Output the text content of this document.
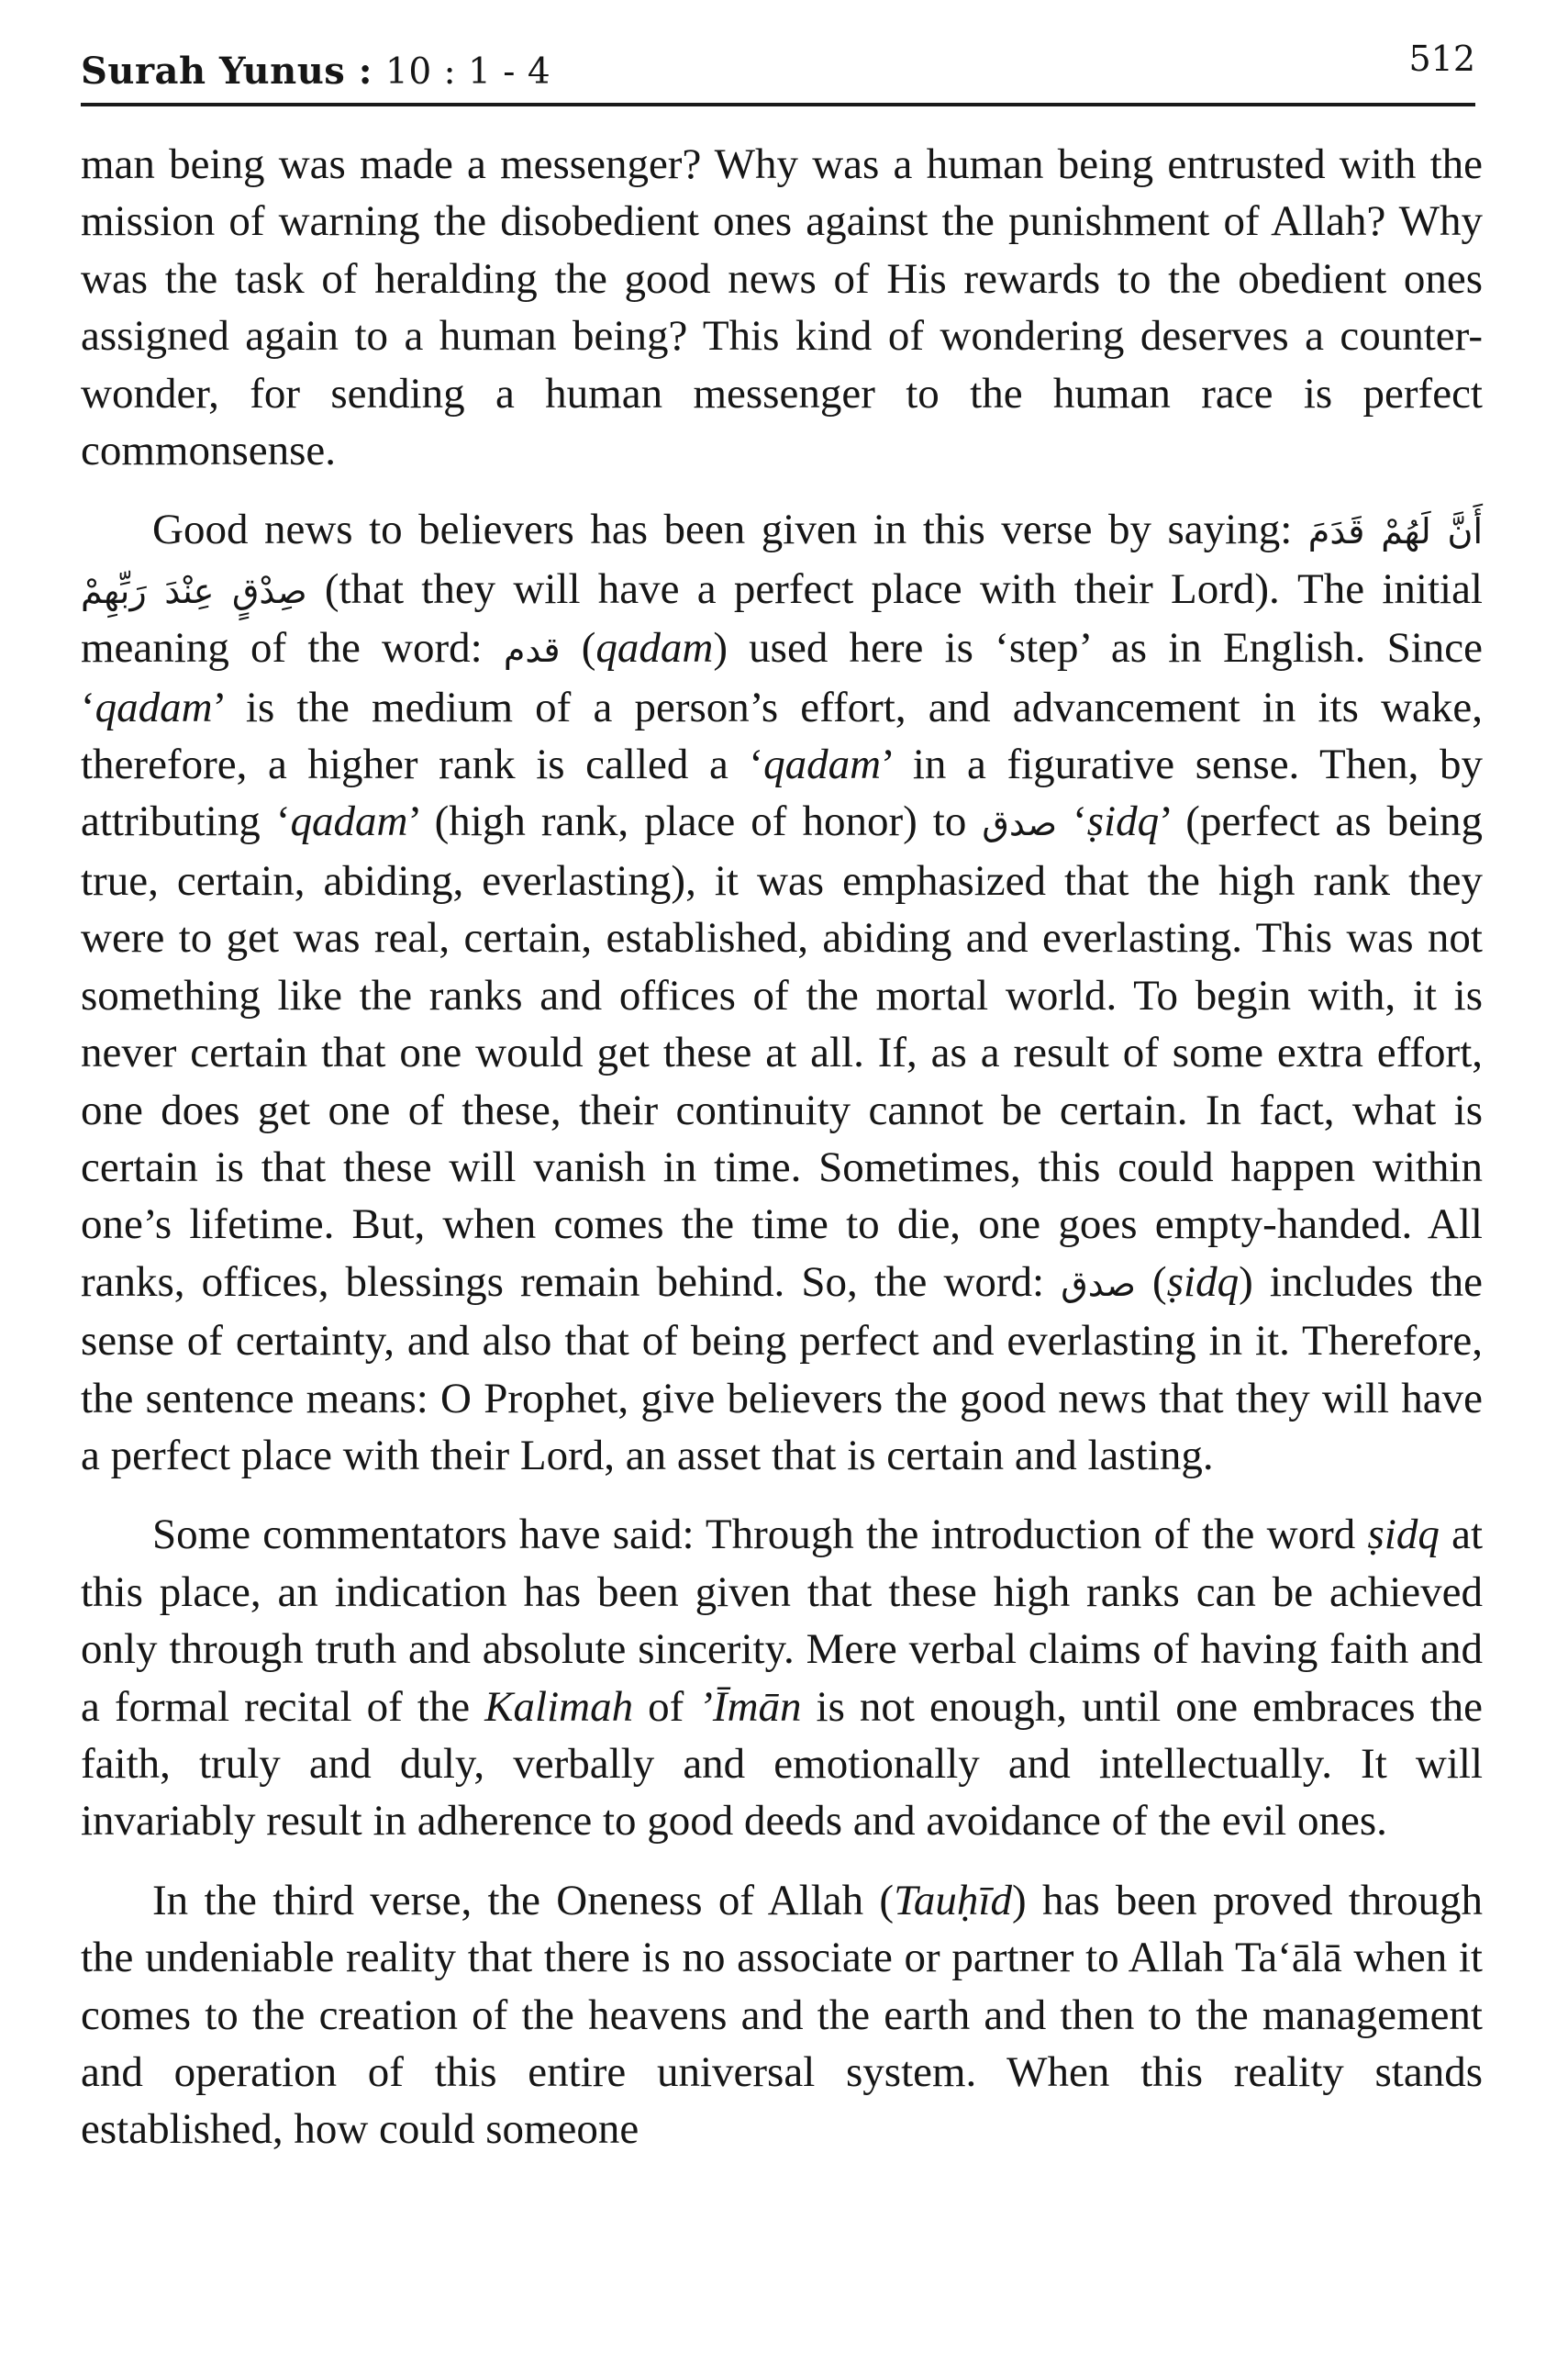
Surah Yunus : 10 : 1 - 4	512

man being was made a messenger? Why was a human being entrusted with the mission of warning the disobedient ones against the punishment of Allah? Why was the task of heralding the good news of His rewards to the obedient ones assigned again to a human being? This kind of wondering deserves a counter-wonder, for sending a human messenger to the human race is perfect commonsense.

Good news to believers has been given in this verse by saying: أَنَّ لَهُمْ قَدَمَ صِدْقٍ عِنْدَ رَبِّهِمْ (that they will have a perfect place with their Lord). The initial meaning of the word: قدم (qadam) used here is ‘step’ as in English. Since ‘qadam’ is the medium of a person’s effort, and advancement in its wake, therefore, a higher rank is called a ‘qadam’ in a figurative sense. Then, by attributing ‘qadam’ (high rank, place of honor) to صدق ‘ṣidq’ (perfect as being true, certain, abiding, everlasting), it was emphasized that the high rank they were to get was real, certain, established, abiding and everlasting. This was not something like the ranks and offices of the mortal world. To begin with, it is never certain that one would get these at all. If, as a result of some extra effort, one does get one of these, their continuity cannot be certain. In fact, what is certain is that these will vanish in time. Sometimes, this could happen within one’s lifetime. But, when comes the time to die, one goes empty-handed. All ranks, offices, blessings remain behind. So, the word: صدق (ṣidq) includes the sense of certainty, and also that of being perfect and everlasting in it. Therefore, the sentence means: O Prophet, give believers the good news that they will have a perfect place with their Lord, an asset that is certain and lasting.

Some commentators have said: Through the introduction of the word ṣidq at this place, an indication has been given that these high ranks can be achieved only through truth and absolute sincerity. Mere verbal claims of having faith and a formal recital of the Kalimah of ’Īmān is not enough, until one embraces the faith, truly and duly, verbally and emotionally and intellectually. It will invariably result in adherence to good deeds and avoidance of the evil ones.

In the third verse, the Oneness of Allah (Tauḥīd) has been proved through the undeniable reality that there is no associate or partner to Allah Ta‘ālā when it comes to the creation of the heavens and the earth and then to the management and operation of this entire universal system. When this reality stands established, how could someone
